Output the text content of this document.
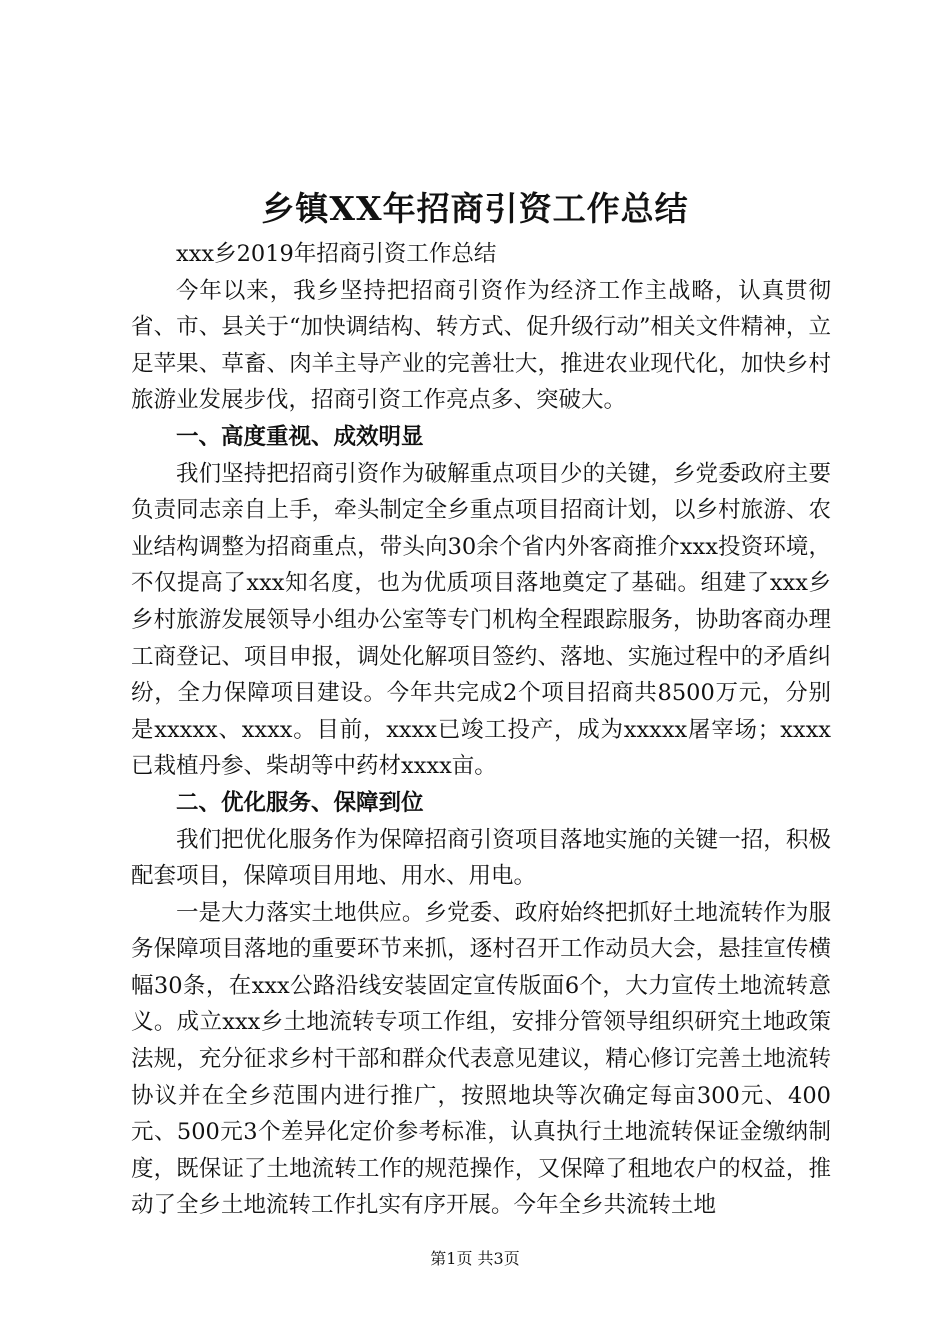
乡镇XX年招商引资工作总结

xxx乡2019年招商引资工作总结

今年以来，我乡坚持把招商引资作为经济工作主战略，认真贯彻省、市、县关于“加快调结构、转方式、促升级行动”相关文件精神，立足苹果、草畜、肉羊主导产业的完善壮大，推进农业现代化，加快乡村旅游业发展步伐，招商引资工作亮点多、突破大。

一、高度重视、成效明显

我们坚持把招商引资作为破解重点项目少的关键，乡党委政府主要负责同志亲自上手，牵头制定全乡重点项目招商计划，以乡村旅游、农业结构调整为招商重点，带头向30余个省内外客商推介xxx投资环境，不仅提高了xxx知名度，也为优质项目落地奠定了基础。组建了xxx乡乡村旅游发展领导小组办公室等专门机构全程跟踪服务，协助客商办理工商登记、项目申报，调处化解项目签约、落地、实施过程中的矛盾纠纷，全力保障项目建设。今年共完成2个项目招商共8500万元，分别是xxxxx、xxxx。目前，xxxx已竣工投产，成为xxxxx屠宰场；xxxx已栽植丹参、柴胡等中药材xxxx亩。

二、优化服务、保障到位

我们把优化服务作为保障招商引资项目落地实施的关键一招，积极配套项目，保障项目用地、用水、用电。

一是大力落实土地供应。乡党委、政府始终把抓好土地流转作为服务保障项目落地的重要环节来抓，逐村召开工作动员大会，悬挂宣传横幅30条，在xxx公路沿线安装固定宣传版面6个，大力宣传土地流转意义。成立xxx乡土地流转专项工作组，安排分管领导组织研究土地政策法规，充分征求乡村干部和群众代表意见建议，精心修订完善土地流转协议并在全乡范围内进行推广，按照地块等次确定每亩300元、400元、500元3个差异化定价参考标准，认真执行土地流转保证金缴纳制度，既保证了土地流转工作的规范操作，又保障了租地农户的权益，推动了全乡土地流转工作扎实有序开展。今年全乡共流转土地

第1页 共3页
